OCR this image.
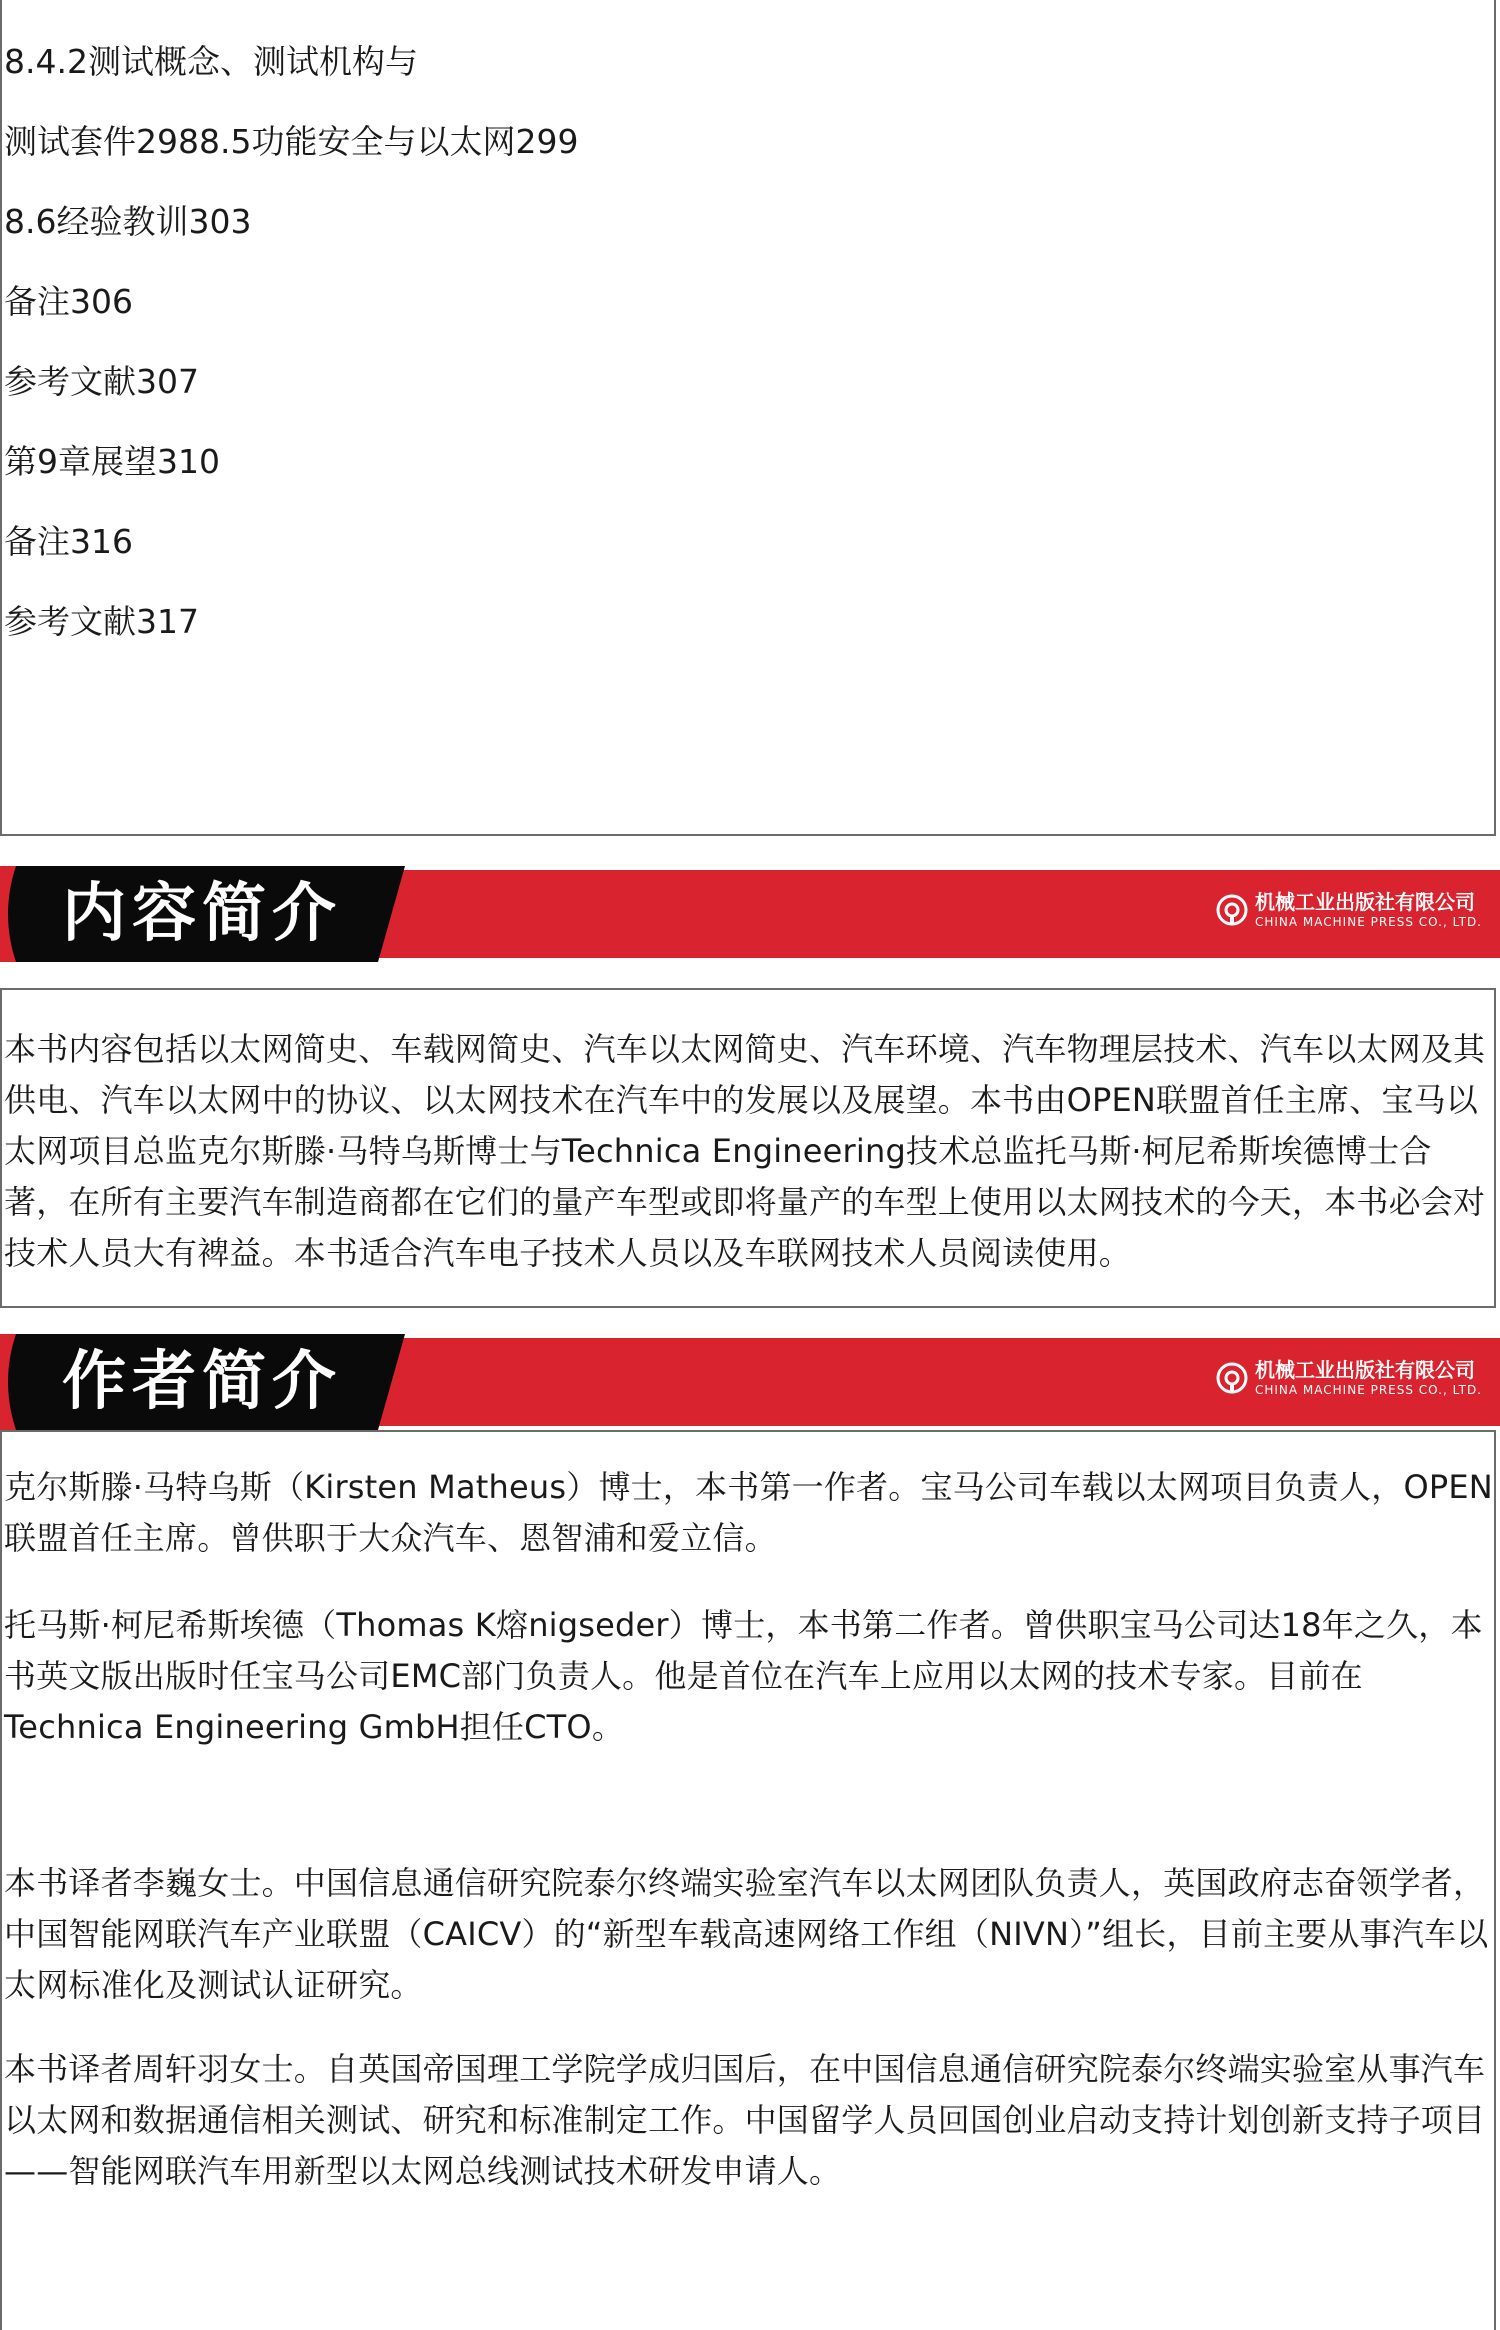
8.4.2测试概念、测试机构与
测试套件2988.5功能安全与以太网299
8.6经验教训303
备注306
参考文献307
第9章展望310
备注316
参考文献317
内容简介	机械工业出版社有限公司
CHINA MACHINE PRESS CO., LTD.
本书内容包括以太网简史、车载网简史、汽车以太网简史、汽车环境、汽车物理层技术、汽车以太网及其供电、汽车以太网中的协议、以太网技术在汽车中的发展以及展望。本书由OPEN联盟首任主席、宝马以太网项目总监克尔斯滕·马特乌斯博士与Technica Engineering技术总监托马斯·柯尼希斯埃德博士合著，在所有主要汽车制造商都在它们的量产车型或即将量产的车型上使用以太网技术的今天，本书必会对技术人员大有裨益。本书适合汽车电子技术人员以及车联网技术人员阅读使用。
作者简介	机械工业出版社有限公司
CHINA MACHINE PRESS CO., LTD.
克尔斯滕·马特乌斯（Kirsten Matheus）博士，本书第一作者。宝马公司车载以太网项目负责人，OPEN联盟首任主席。曾供职于大众汽车、恩智浦和爱立信。
托马斯·柯尼希斯埃德（Thomas K熔nigseder）博士，本书第二作者。曾供职宝马公司达18年之久，本书英文版出版时任宝马公司EMC部门负责人。他是首位在汽车上应用以太网的技术专家。目前在Technica Engineering GmbH担任CTO。
本书译者李巍女士。中国信息通信研究院泰尔终端实验室汽车以太网团队负责人，英国政府志奋领学者，中国智能网联汽车产业联盟（CAICV）的“新型车载高速网络工作组（NIVN）”组长，目前主要从事汽车以太网标准化及测试认证研究。
本书译者周轩羽女士。自英国帝国理工学院学成归国后，在中国信息通信研究院泰尔终端实验室从事汽车以太网和数据通信相关测试、研究和标准制定工作。中国留学人员回国创业启动支持计划创新支持子项目——智能网联汽车用新型以太网总线测试技术研发申请人。
